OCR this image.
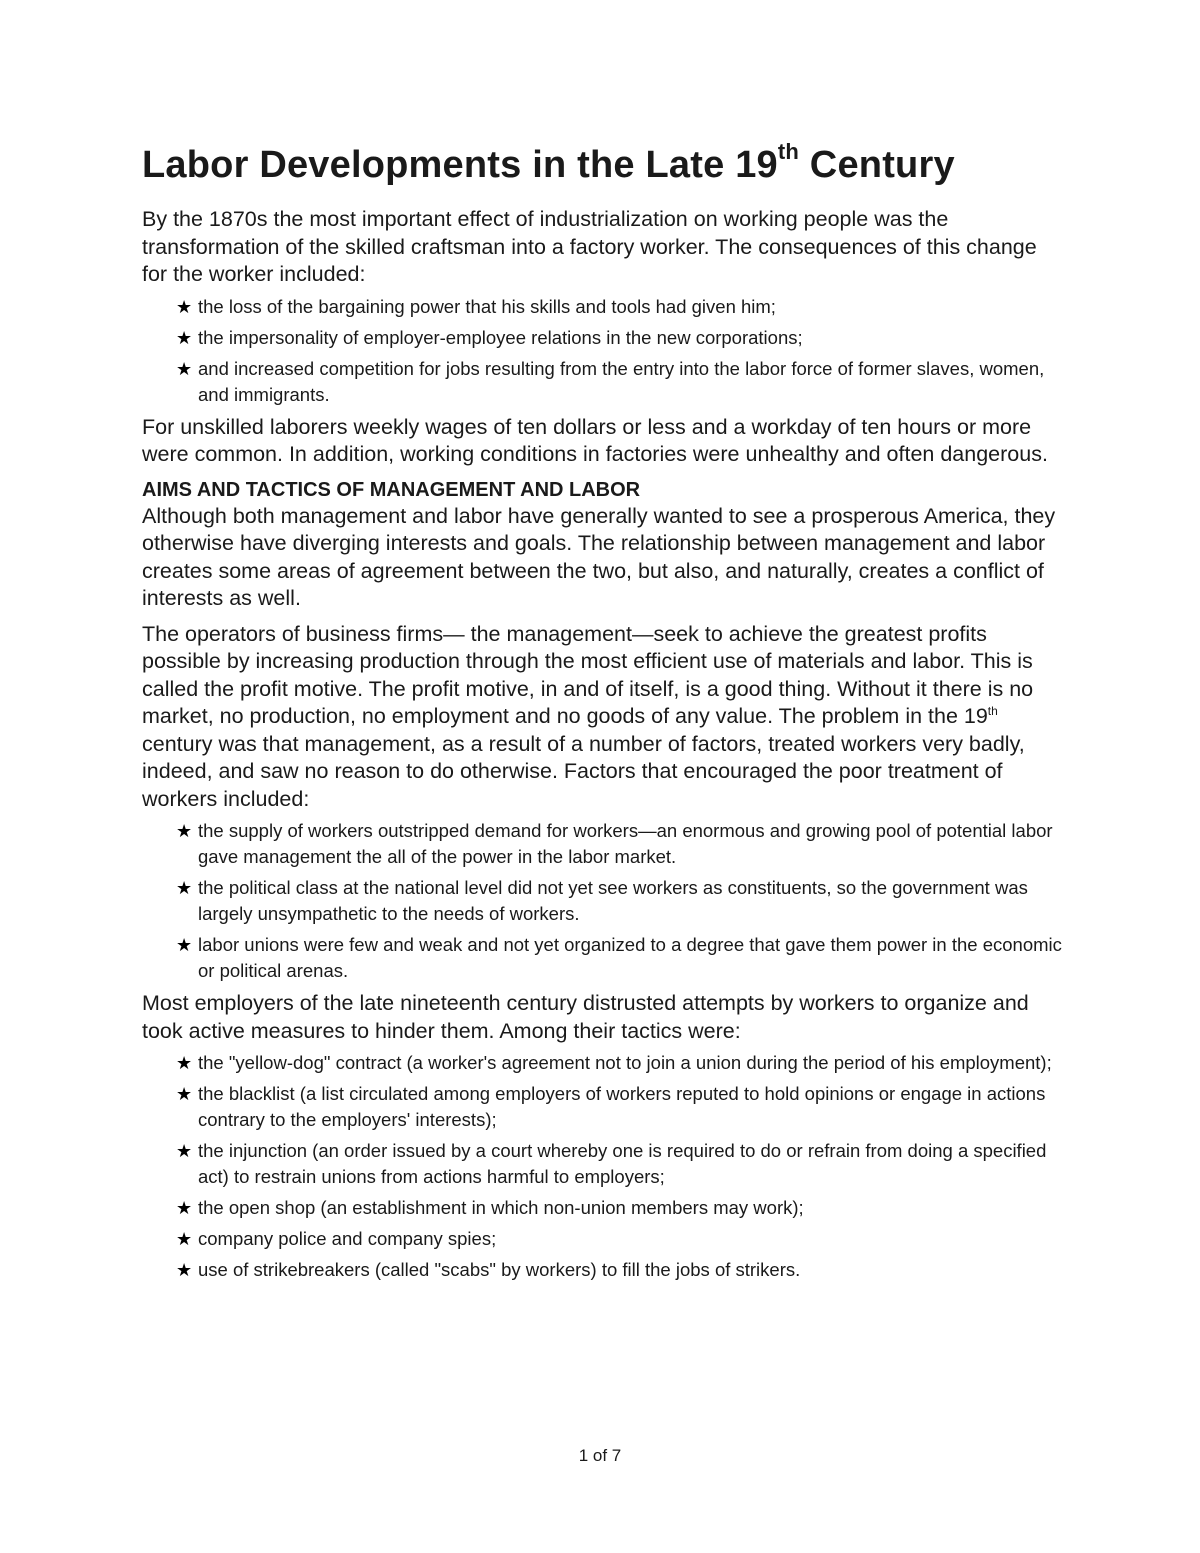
Labor Developments in the Late 19th Century

By the 1870s the most important effect of industrialization on working people was the transformation of the skilled craftsman into a factory worker. The consequences of this change for the worker included:

★ the loss of the bargaining power that his skills and tools had given him;
★ the impersonality of employer-employee relations in the new corporations;
★ and increased competition for jobs resulting from the entry into the labor force of former slaves, women, and immigrants.

For unskilled laborers weekly wages of ten dollars or less and a workday of ten hours or more were common. In addition, working conditions in factories were unhealthy and often dangerous.

AIMS AND TACTICS OF MANAGEMENT AND LABOR

Although both management and labor have generally wanted to see a prosperous America, they otherwise have diverging interests and goals. The relationship between management and labor creates some areas of agreement between the two, but also, and naturally, creates a conflict of interests as well.

The operators of business firms— the management—seek to achieve the greatest profits possible by increasing production through the most efficient use of materials and labor. This is called the profit motive. The profit motive, in and of itself, is a good thing. Without it there is no market, no production, no employment and no goods of any value. The problem in the 19th century was that management, as a result of a number of factors, treated workers very badly, indeed, and saw no reason to do otherwise. Factors that encouraged the poor treatment of workers included:

★ the supply of workers outstripped demand for workers—an enormous and growing pool of potential labor gave management the all of the power in the labor market.
★ the political class at the national level did not yet see workers as constituents, so the government was largely unsympathetic to the needs of workers.
★ labor unions were few and weak and not yet organized to a degree that gave them power in the economic or political arenas.

Most employers of the late nineteenth century distrusted attempts by workers to organize and took active measures to hinder them. Among their tactics were:

★ the "yellow-dog" contract (a worker's agreement not to join a union during the period of his employment);
★ the blacklist (a list circulated among employers of workers reputed to hold opinions or engage in actions contrary to the employers' interests);
★ the injunction (an order issued by a court whereby one is required to do or refrain from doing a specified act) to restrain unions from actions harmful to employers;
★ the open shop (an establishment in which non-union members may work);
★ company police and company spies;
★ use of strikebreakers (called "scabs" by workers) to fill the jobs of strikers.
1 of 7
